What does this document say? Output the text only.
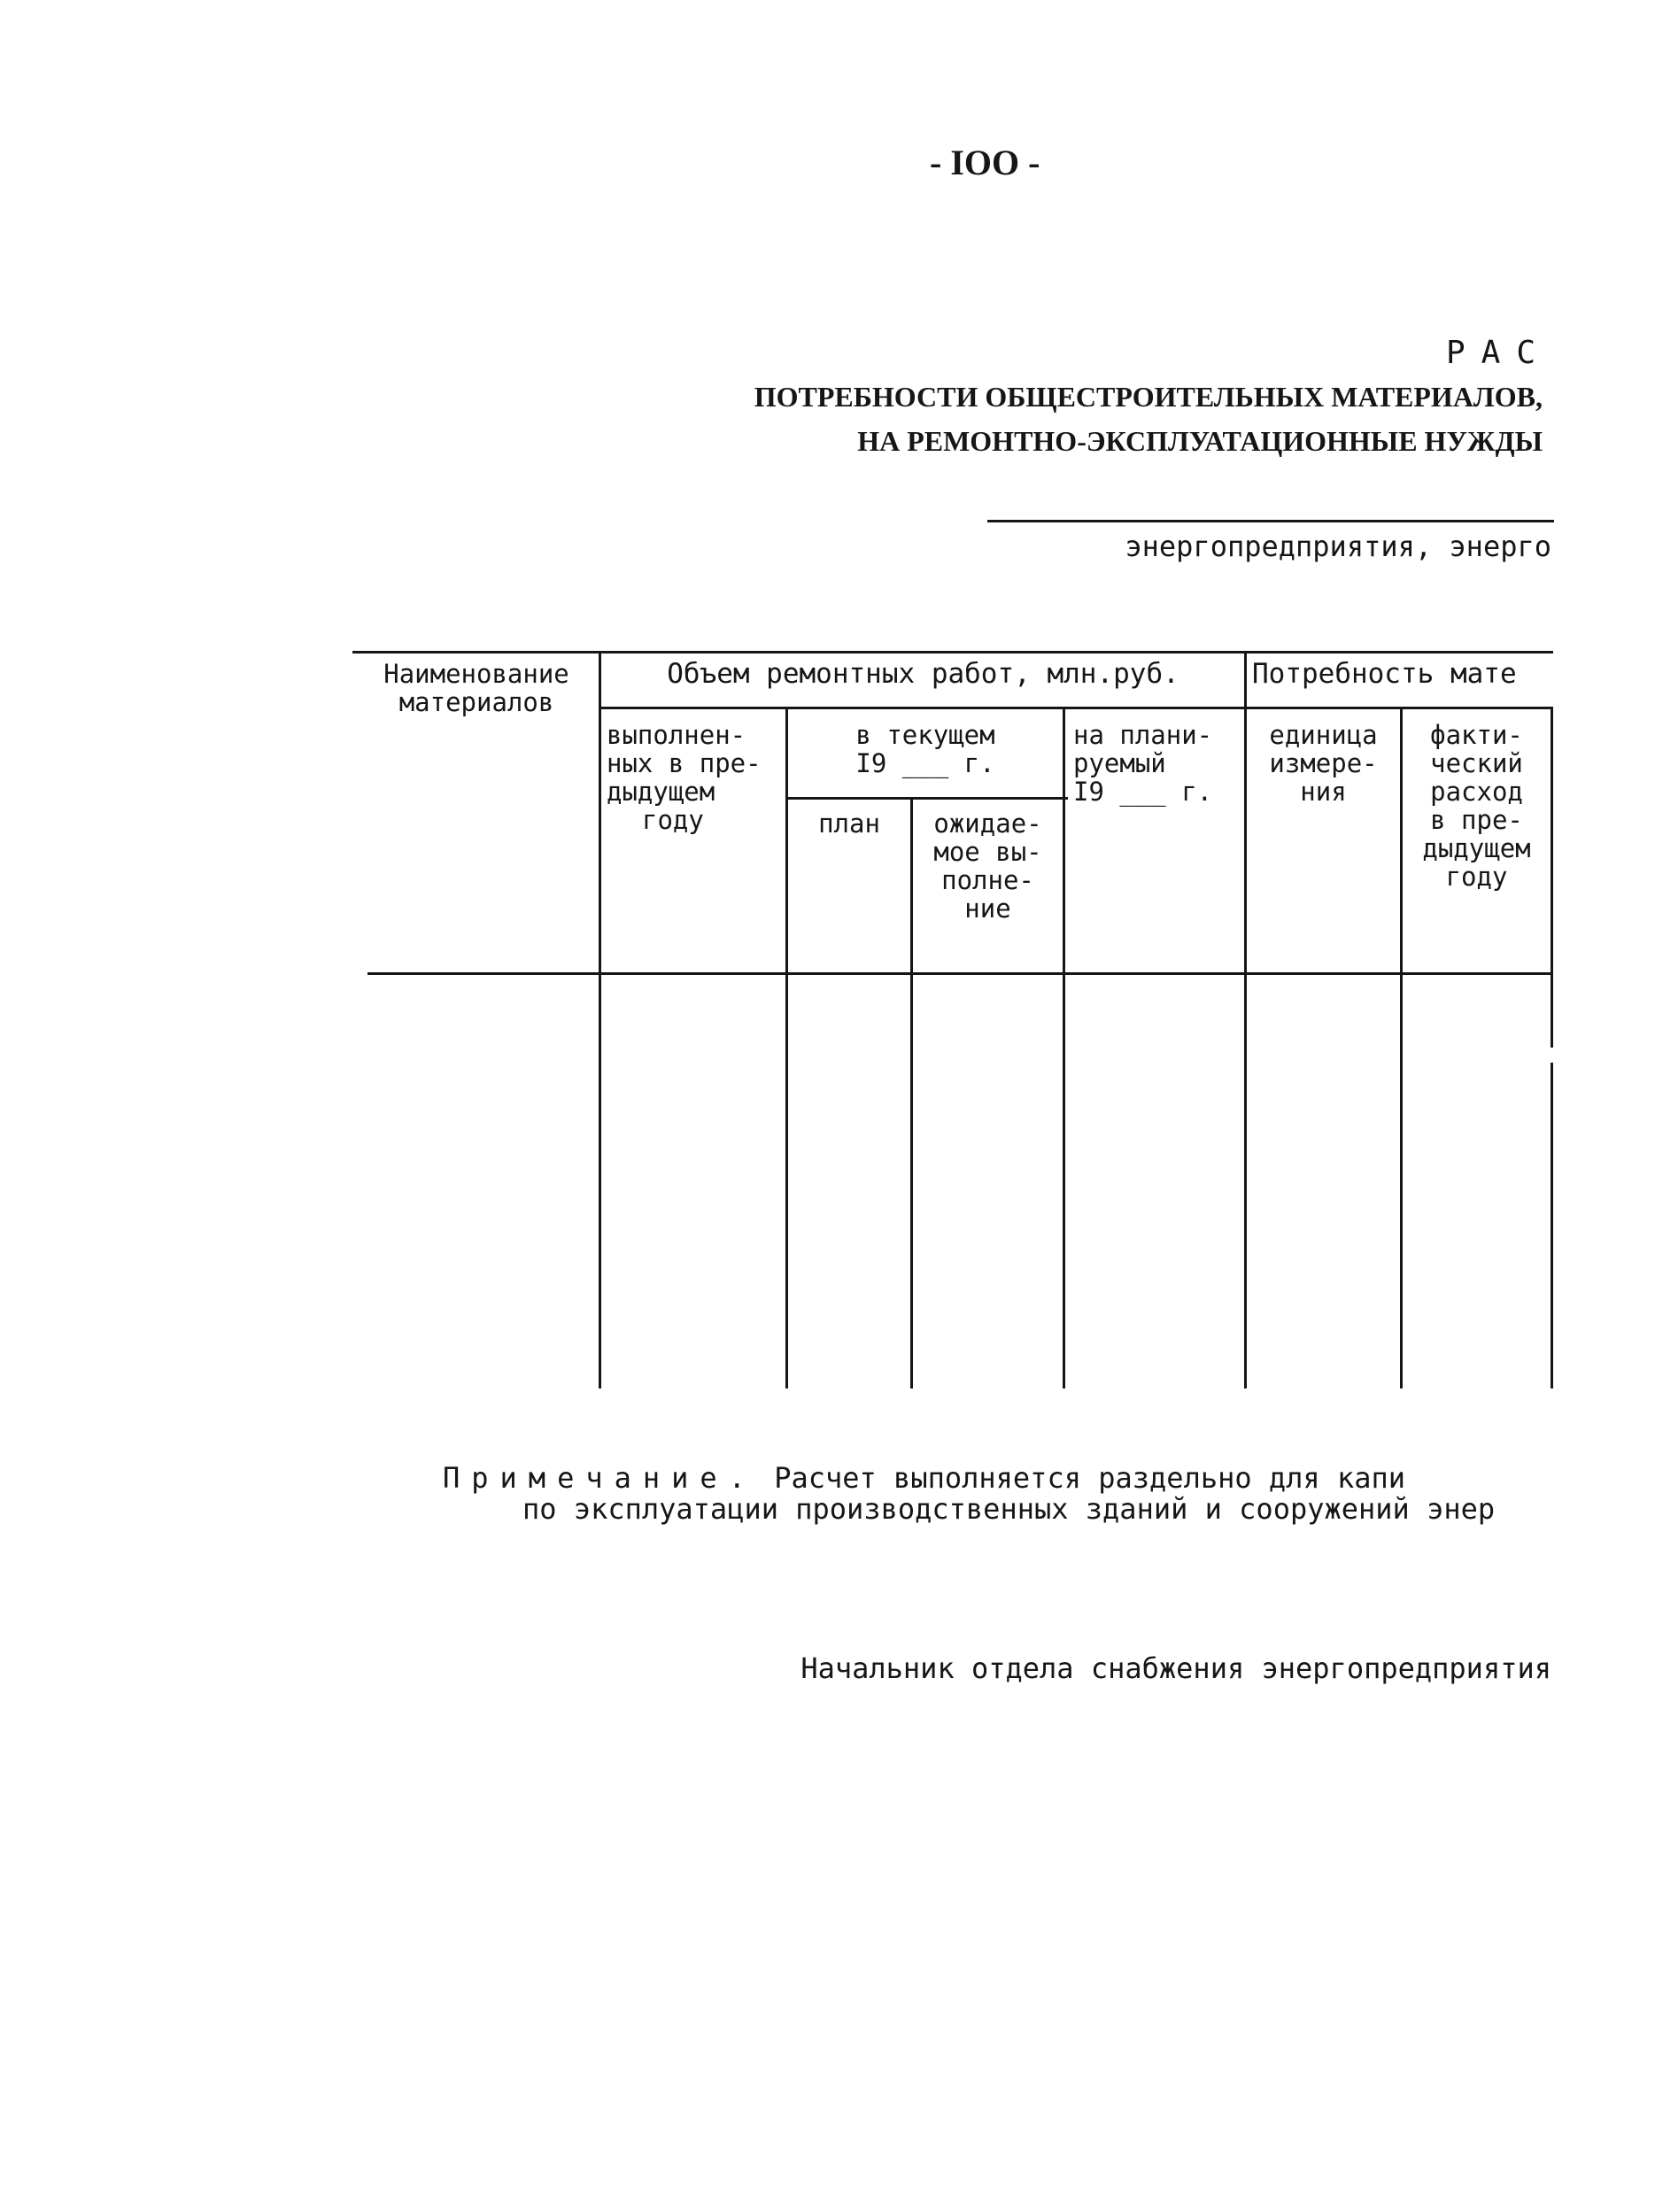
- IOO -
РАС
ПОТРЕБНОСТИ ОБЩЕСТРОИТЕЛЬНЫХ МАТЕРИАЛОВ,
НА РЕМОНТНО-ЭКСПЛУАТАЦИОННЫЕ НУЖДЫ
энергопредприятия, энерго
Наименование
материалов
Объем ремонтных работ, млн.руб.	Потребность мате
выполнен-
ных в пре-
дыдущем
году
в текущем
I9 ___ г.
план	ожидае-
мое вы-
полне-
ние
на плани-
руемый
I9 ___ г.
единица
измере-
ния
факти-
ческий
расход
в пре-
дыдущем
году
Примечание. Расчет выполняется раздельно для капи
по эксплуатации производственных зданий и сооружений энер
Начальник отдела снабжения энергопредприятия
